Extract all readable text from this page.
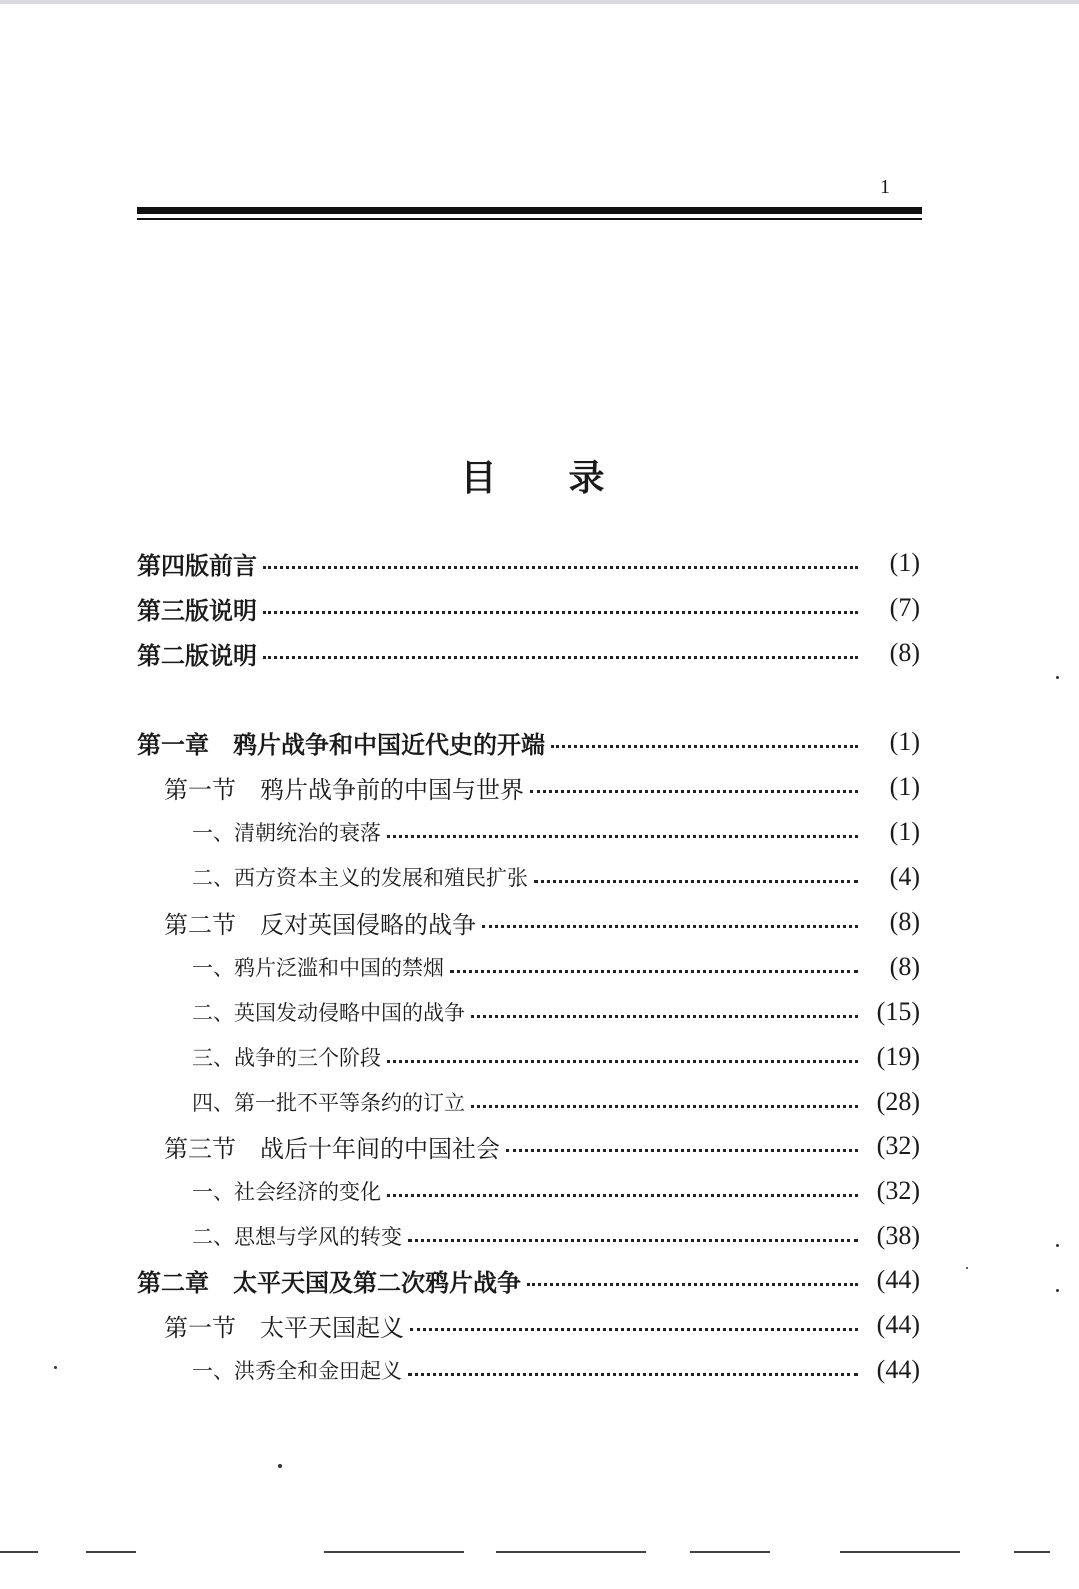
1
目录
第四版前言	(1)
第三版说明	(7)
第二版说明	(8)
第一章　鸦片战争和中国近代史的开端	(1)
第一节　鸦片战争前的中国与世界	(1)
一、清朝统治的衰落	(1)
二、西方资本主义的发展和殖民扩张	(4)
第二节　反对英国侵略的战争	(8)
一、鸦片泛滥和中国的禁烟	(8)
二、英国发动侵略中国的战争	(15)
三、战争的三个阶段	(19)
四、第一批不平等条约的订立	(28)
第三节　战后十年间的中国社会	(32)
一、社会经济的变化	(32)
二、思想与学风的转变	(38)
第二章　太平天国及第二次鸦片战争	(44)
第一节　太平天国起义	(44)
一、洪秀全和金田起义	(44)
